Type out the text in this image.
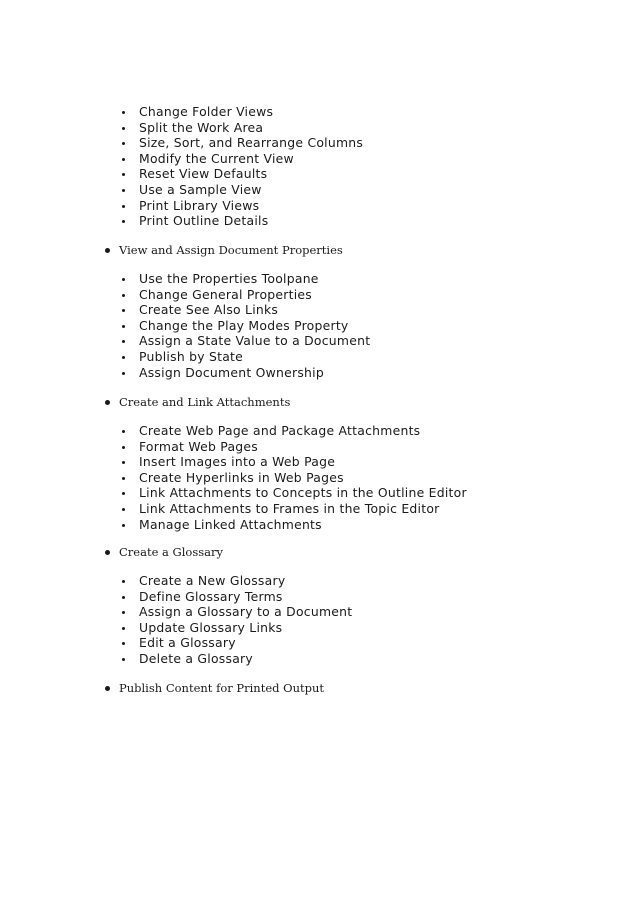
Change Folder Views
Split the Work Area
Size, Sort, and Rearrange Columns
Modify the Current View
Reset View Defaults
Use a Sample View
Print Library Views
Print Outline Details
View and Assign Document Properties
Use the Properties Toolpane
Change General Properties
Create See Also Links
Change the Play Modes Property
Assign a State Value to a Document
Publish by State
Assign Document Ownership
Create and Link Attachments
Create Web Page and Package Attachments
Format Web Pages
Insert Images into a Web Page
Create Hyperlinks in Web Pages
Link Attachments to Concepts in the Outline Editor
Link Attachments to Frames in the Topic Editor
Manage Linked Attachments
Create a Glossary
Create a New Glossary
Define Glossary Terms
Assign a Glossary to a Document
Update Glossary Links
Edit a Glossary
Delete a Glossary
Publish Content for Printed Output
